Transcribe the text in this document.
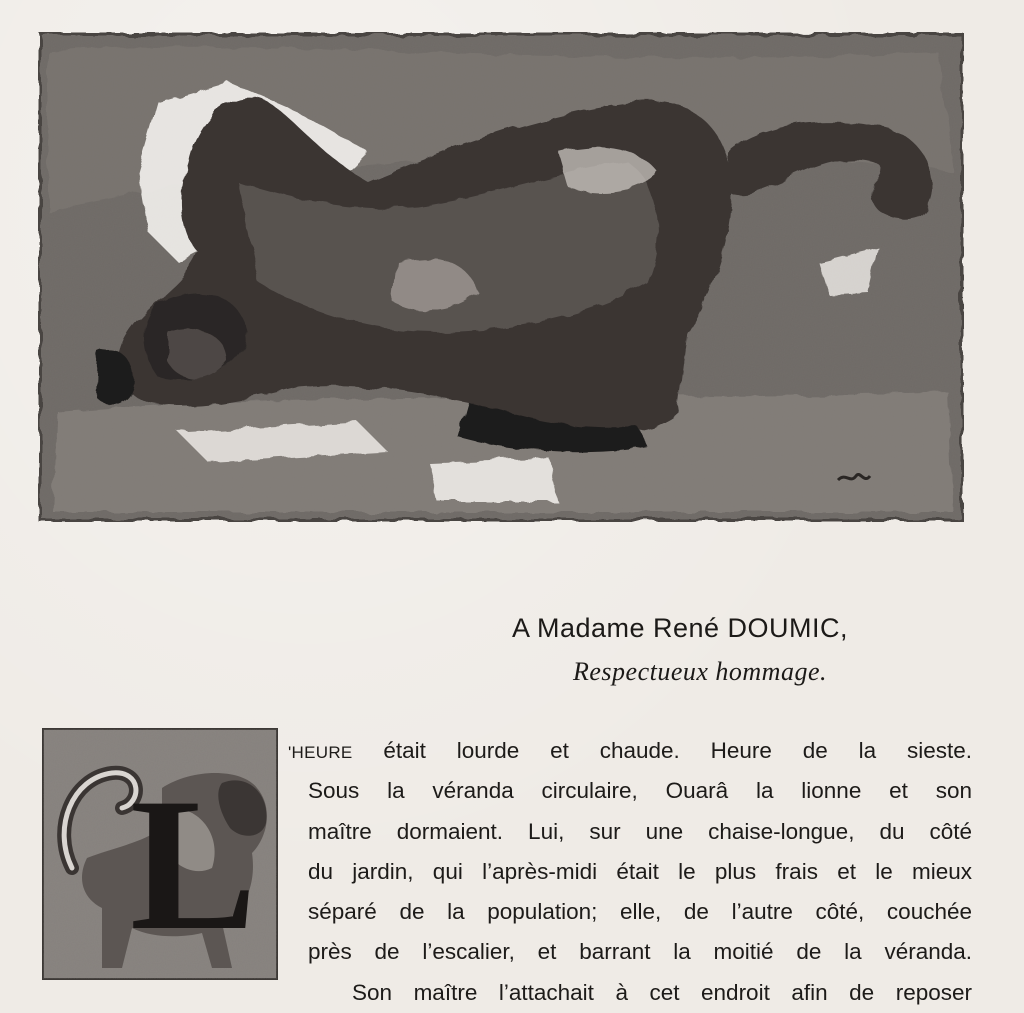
A Madame René DOUMIC,
Respectueux hommage.
L
'HEURE était lourde et chaude. Heure de la sieste.
Sous la véranda circulaire, Ouarâ la lionne et son
maître dormaient. Lui, sur une chaise-longue, du côté
du jardin, qui l’après-midi était le plus frais et le mieux
séparé de la population; elle, de l’autre côté, couchée
près de l’escalier, et barrant la moitié de la véranda.
Son maître l’attachait à cet endroit afin de reposer
